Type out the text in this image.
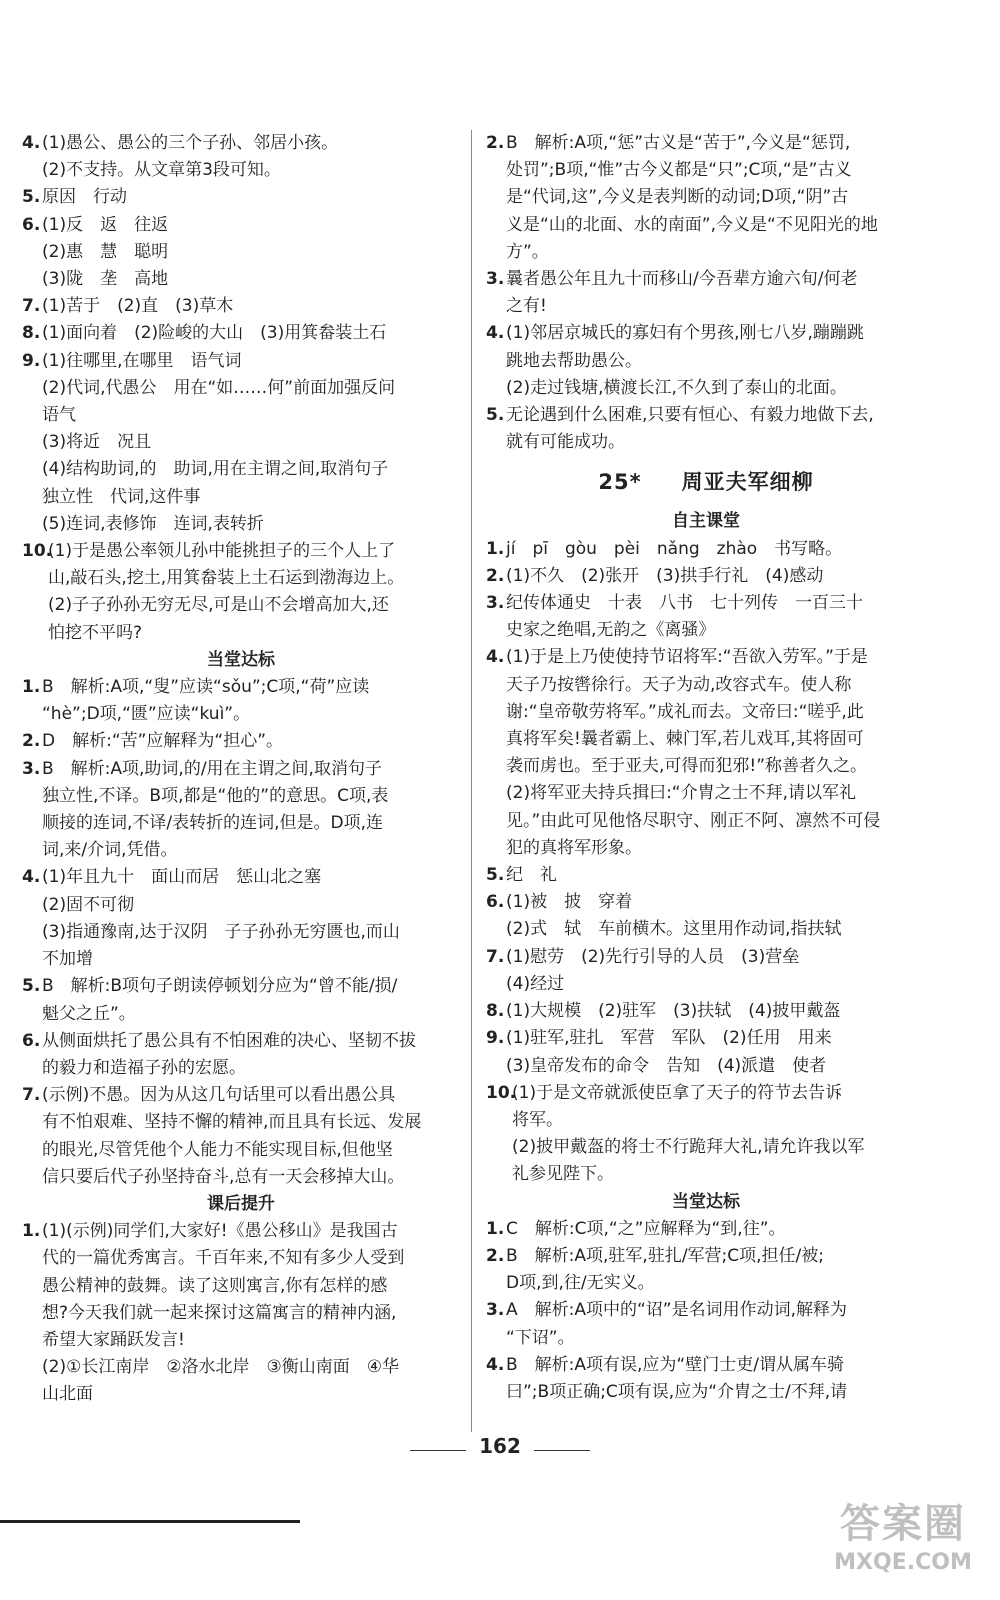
4. (1)愚公、愚公的三个子孙、邻居小孩。
(2)不支持。从文章第3段可知。
5. 原因　行动
6. (1)反　返　往返
(2)惠　慧　聪明
(3)陇　垄　高地
7. (1)苦于　(2)直　(3)草木
8. (1)面向着　(2)险峻的大山　(3)用箕畚装土石
9. (1)往哪里,在哪里　语气词
(2)代词,代愚公　用在“如……何”前面加强反问
语气
(3)将近　况且
(4)结构助词,的　助词,用在主谓之间,取消句子
独立性　代词,这件事
(5)连词,表修饰　连词,表转折
10.
(1)于是愚公率领儿孙中能挑担子的三个人上了
山,敲石头,挖土,用箕畚装上土石运到渤海边上。
(2)子子孙孙无穷无尽,可是山不会增高加大,还
怕挖不平吗?
当堂达标
1. B　解析:A项,“叟”应读“sǒu”;C项,“荷”应读
“hè”;D项,“匮”应读“kuì”。
2. D　解析:“苦”应解释为“担心”。
3. B　解析:A项,助词,的/用在主谓之间,取消句子
独立性,不译。B项,都是“他的”的意思。C项,表
顺接的连词,不译/表转折的连词,但是。D项,连
词,来/介词,凭借。
4. (1)年且九十　面山而居　惩山北之塞
(2)固不可彻
(3)指通豫南,达于汉阴　子子孙孙无穷匮也,而山
不加增
5. B　解析:B项句子朗读停顿划分应为“曾不能/损/
魁父之丘”。
6. 从侧面烘托了愚公具有不怕困难的决心、坚韧不拔
的毅力和造福子孙的宏愿。
7. (示例)不愚。因为从这几句话里可以看出愚公具
有不怕艰难、坚持不懈的精神,而且具有长远、发展
的眼光,尽管凭他个人能力不能实现目标,但他坚
信只要后代子孙坚持奋斗,总有一天会移掉大山。
课后提升
1. (1)(示例)同学们,大家好!《愚公移山》是我国古
代的一篇优秀寓言。千百年来,不知有多少人受到
愚公精神的鼓舞。读了这则寓言,你有怎样的感
想?今天我们就一起来探讨这篇寓言的精神内涵,
希望大家踊跃发言!
(2)①长江南岸　②洛水北岸　③衡山南面　④华
山北面
2. B　解析:A项,“惩”古义是“苦于”,今义是“惩罚,
处罚”;B项,“惟”古今义都是“只”;C项,“是”古义
是“代词,这”,今义是表判断的动词;D项,“阴”古
义是“山的北面、水的南面”,今义是“不见阳光的地
方”。
3. 曩者愚公年且九十而移山/今吾辈方逾六旬/何老
之有!
4. (1)邻居京城氏的寡妇有个男孩,刚七八岁,蹦蹦跳
跳地去帮助愚公。
(2)走过钱塘,横渡长江,不久到了泰山的北面。
5. 无论遇到什么困难,只要有恒心、有毅力地做下去,
就有可能成功。
25* 周亚夫军细柳
自主课堂
1. jí　pī　gòu　pèi　nǎng　zhào　书写略。
2. (1)不久　(2)张开　(3)拱手行礼　(4)感动
3. 纪传体通史　十表　八书　七十列传　一百三十
史家之绝唱,无韵之《离骚》
4. (1)于是上乃使使持节诏将军:“吾欲入劳军。”于是
天子乃按辔徐行。天子为动,改容式车。使人称
谢:“皇帝敬劳将军。”成礼而去。文帝曰:“嗟乎,此
真将军矣!曩者霸上、棘门军,若儿戏耳,其将固可
袭而虏也。至于亚夫,可得而犯邪!”称善者久之。
(2)将军亚夫持兵揖曰:“介胄之士不拜,请以军礼
见。”由此可见他恪尽职守、刚正不阿、凛然不可侵
犯的真将军形象。
5. 纪　礼
6. (1)被　披　穿着
(2)式　轼　车前横木。这里用作动词,指扶轼
7. (1)慰劳　(2)先行引导的人员　(3)营垒
(4)经过
8. (1)大规模　(2)驻军　(3)扶轼　(4)披甲戴盔
9. (1)驻军,驻扎　军营　军队　(2)任用　用来
(3)皇帝发布的命令　告知　(4)派遣　使者
10.
(1)于是文帝就派使臣拿了天子的符节去告诉
将军。
(2)披甲戴盔的将士不行跪拜大礼,请允许我以军
礼参见陛下。
当堂达标
1. C　解析:C项,“之”应解释为“到,往”。
2. B　解析:A项,驻军,驻扎/军营;C项,担任/被;
D项,到,往/无实义。
3. A　解析:A项中的“诏”是名词用作动词,解释为
“下诏”。
4. B　解析:A项有误,应为“壁门士吏/谓从属车骑
曰”;B项正确;C项有误,应为“介胄之士/不拜,请
162
答案圈
MXQE.COM
